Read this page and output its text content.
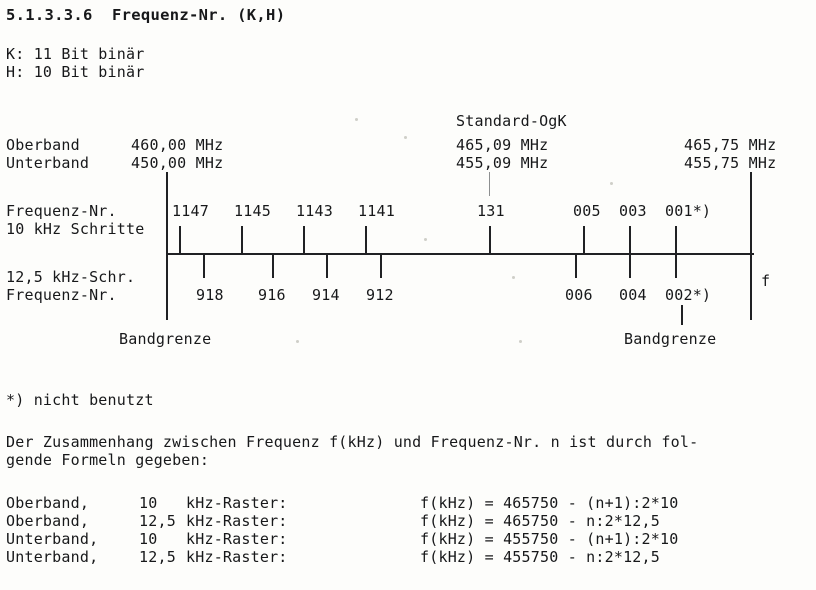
5.1.3.3.6 Frequenz-Nr. (K,H)
K: 11 Bit binär
H: 10 Bit binär
Standard-OgK
Oberband	460,00 MHz	465,09 MHz	465,75 MHz
Unterband	450,00 MHz	455,09 MHz	455,75 MHz
Frequenz-Nr.
10 kHz Schritte
1147 1145 1143 1141	131	005 003 001*)
12,5 kHz-Schr.
Frequenz-Nr.	918 916 914 912	006 004 002*)
f
Bandgrenze	Bandgrenze
*) nicht benutzt
Der Zusammenhang zwischen Frequenz f(kHz) und Frequenz-Nr. n ist durch fol-
gende Formeln gegeben:
Oberband,	10 kHz-Raster:	f(kHz) = 465750 - (n+1):2*10
Oberband,	12,5 kHz-Raster:	f(kHz) = 465750 - n:2*12,5
Unterband,	10 kHz-Raster:	f(kHz) = 455750 - (n+1):2*10
Unterband,	12,5 kHz-Raster:	f(kHz) = 455750 - n:2*12,5
